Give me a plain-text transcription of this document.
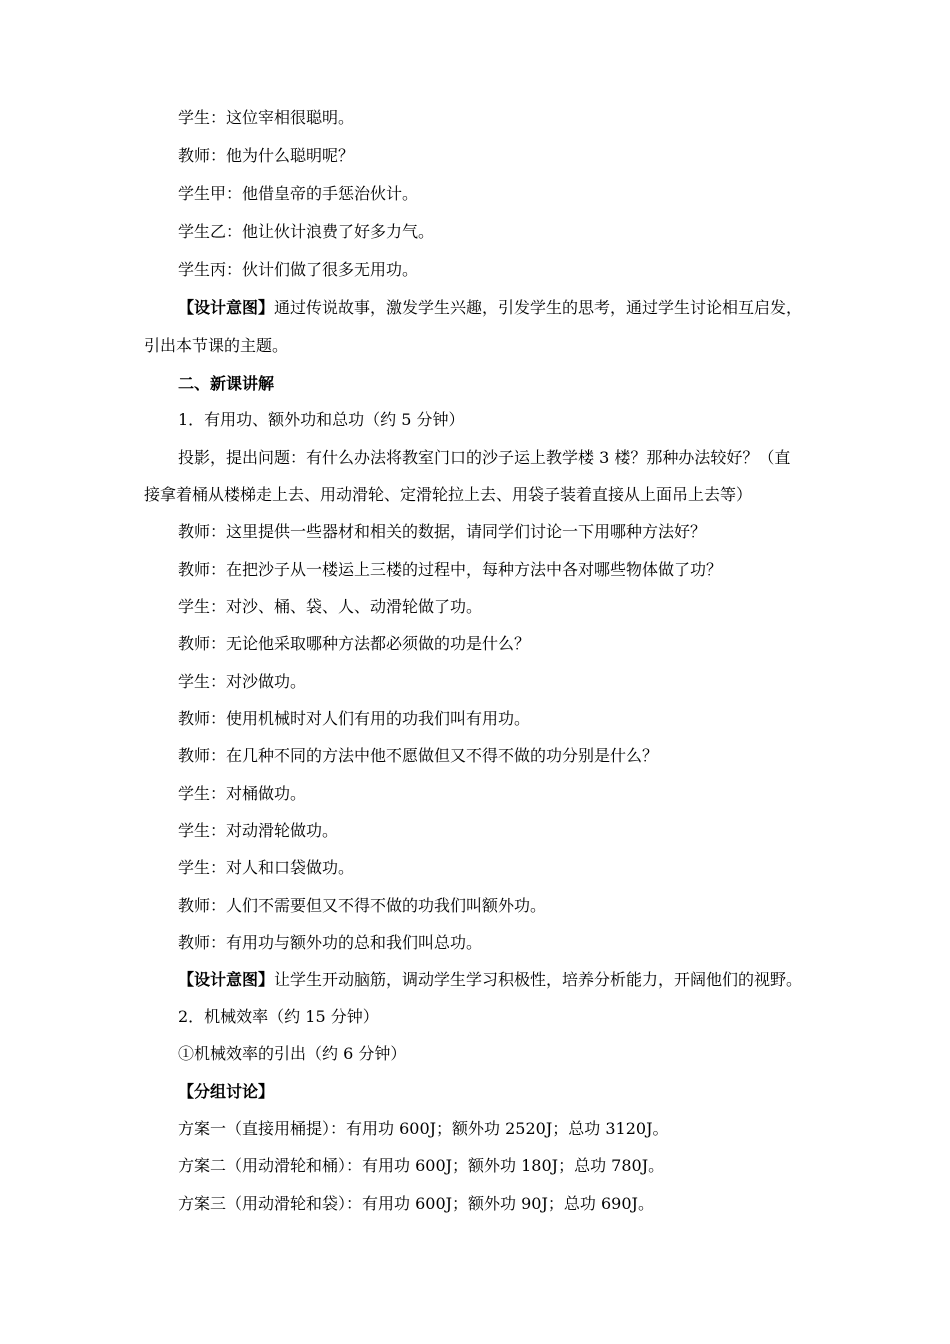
学生：这位宰相很聪明。
教师：他为什么聪明呢？
学生甲：他借皇帝的手惩治伙计。
学生乙：他让伙计浪费了好多力气。
学生丙：伙计们做了很多无用功。
【设计意图】通过传说故事，激发学生兴趣，引发学生的思考，通过学生讨论相互启发，
引出本节课的主题。
二、新课讲解
1．有用功、额外功和总功（约 5 分钟）
投影，提出问题：有什么办法将教室门口的沙子运上教学楼 3 楼？那种办法较好？（直
接拿着桶从楼梯走上去、用动滑轮、定滑轮拉上去、用袋子装着直接从上面吊上去等）
教师：这里提供一些器材和相关的数据，请同学们讨论一下用哪种方法好？
教师：在把沙子从一楼运上三楼的过程中，每种方法中各对哪些物体做了功？
学生：对沙、桶、袋、人、动滑轮做了功。
教师：无论他采取哪种方法都必须做的功是什么？
学生：对沙做功。
教师：使用机械时对人们有用的功我们叫有用功。
教师：在几种不同的方法中他不愿做但又不得不做的功分别是什么？
学生：对桶做功。
学生：对动滑轮做功。
学生：对人和口袋做功。
教师：人们不需要但又不得不做的功我们叫额外功。
教师：有用功与额外功的总和我们叫总功。
【设计意图】让学生开动脑筋，调动学生学习积极性，培养分析能力，开阔他们的视野。
2．机械效率（约 15 分钟）
①机械效率的引出（约 6 分钟）
【分组讨论】
方案一（直接用桶提）：有用功 600J；额外功 2520J；总功 3120J。
方案二（用动滑轮和桶）：有用功 600J；额外功 180J；总功 780J。
方案三（用动滑轮和袋）：有用功 600J；额外功 90J；总功 690J。
